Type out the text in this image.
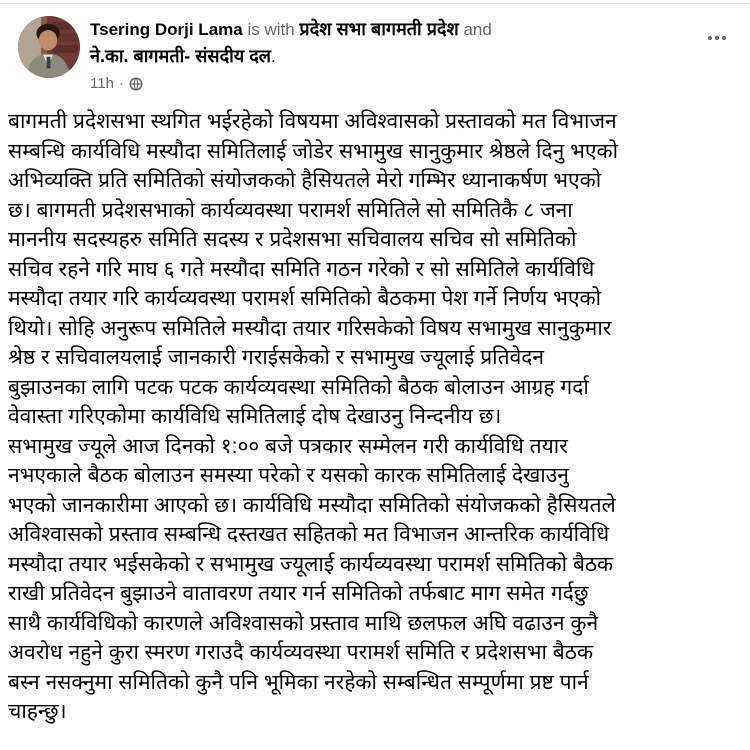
Tsering Dorji Lama is with प्रदेश सभा बागमती प्रदेश and
ने.का. बागमती- संसदीय दल.
11h ·
बागमती प्रदेशसभा स्थगित भईरहेको विषयमा अविश्वासको प्रस्तावको मत विभाजन
सम्बन्धि कार्यविधि मस्यौदा समितिलाई जोडेर सभामुख सानुकुमार श्रेष्ठले दिनु भएको
अभिव्यक्ति प्रति समितिको संयोजकको हैसियतले मेरो गम्भिर ध्यानाकर्षण भएको
छ। बागमती प्रदेशसभाको कार्यव्यवस्था परामर्श समितिले सो समितिकै ८ जना
माननीय सदस्यहरु समिति सदस्य र प्रदेशसभा सचिवालय सचिव सो समितिको
सचिव रहने गरि माघ ६ गते मस्यौदा समिति गठन गरेको र सो समितिले कार्यविधि
मस्यौदा तयार गरि कार्यव्यवस्था परामर्श समितिको बैठकमा पेश गर्ने निर्णय भएको
थियो। सोहि अनुरूप समितिले मस्यौदा तयार गरिसकेको विषय सभामुख सानुकुमार
श्रेष्ठ र सचिवालयलाई जानकारी गराईसकेको र सभामुख ज्यूलाई प्रतिवेदन
बुझाउनका लागि पटक पटक कार्यव्यवस्था समितिको बैठक बोलाउन आग्रह गर्दा
वेवास्ता गरिएकोमा कार्यविधि समितिलाई दोष देखाउनु निन्दनीय छ।
सभामुख ज्यूले आज दिनको १:०० बजे पत्रकार सम्मेलन गरी कार्यविधि तयार
नभएकाले बैठक बोलाउन समस्या परेको र यसको कारक समितिलाई देखाउनु
भएको जानकारीमा आएको छ। कार्यविधि मस्यौदा समितिको संयोजकको हैसियतले
अविश्वासको प्रस्ताव सम्बन्धि दस्तखत सहितको मत विभाजन आन्तरिक कार्यविधि
मस्यौदा तयार भईसकेको र सभामुख ज्यूलाई कार्यव्यवस्था परामर्श समितिको बैठक
राखी प्रतिवेदन बुझाउने वातावरण तयार गर्न समितिको तर्फबाट माग समेत गर्दछु
साथै कार्यविधिको कारणले अविश्वासको प्रस्ताव माथि छलफल अघि वढाउन कुनै
अवरोध नहुने कुरा स्मरण गराउदै कार्यव्यवस्था परामर्श समिति र प्रदेशसभा बैठक
बस्न नसक्नुमा समितिको कुनै पनि भूमिका नरहेको सम्बन्धित सम्पूर्णमा प्रष्ट पार्न
चाहन्छु।
